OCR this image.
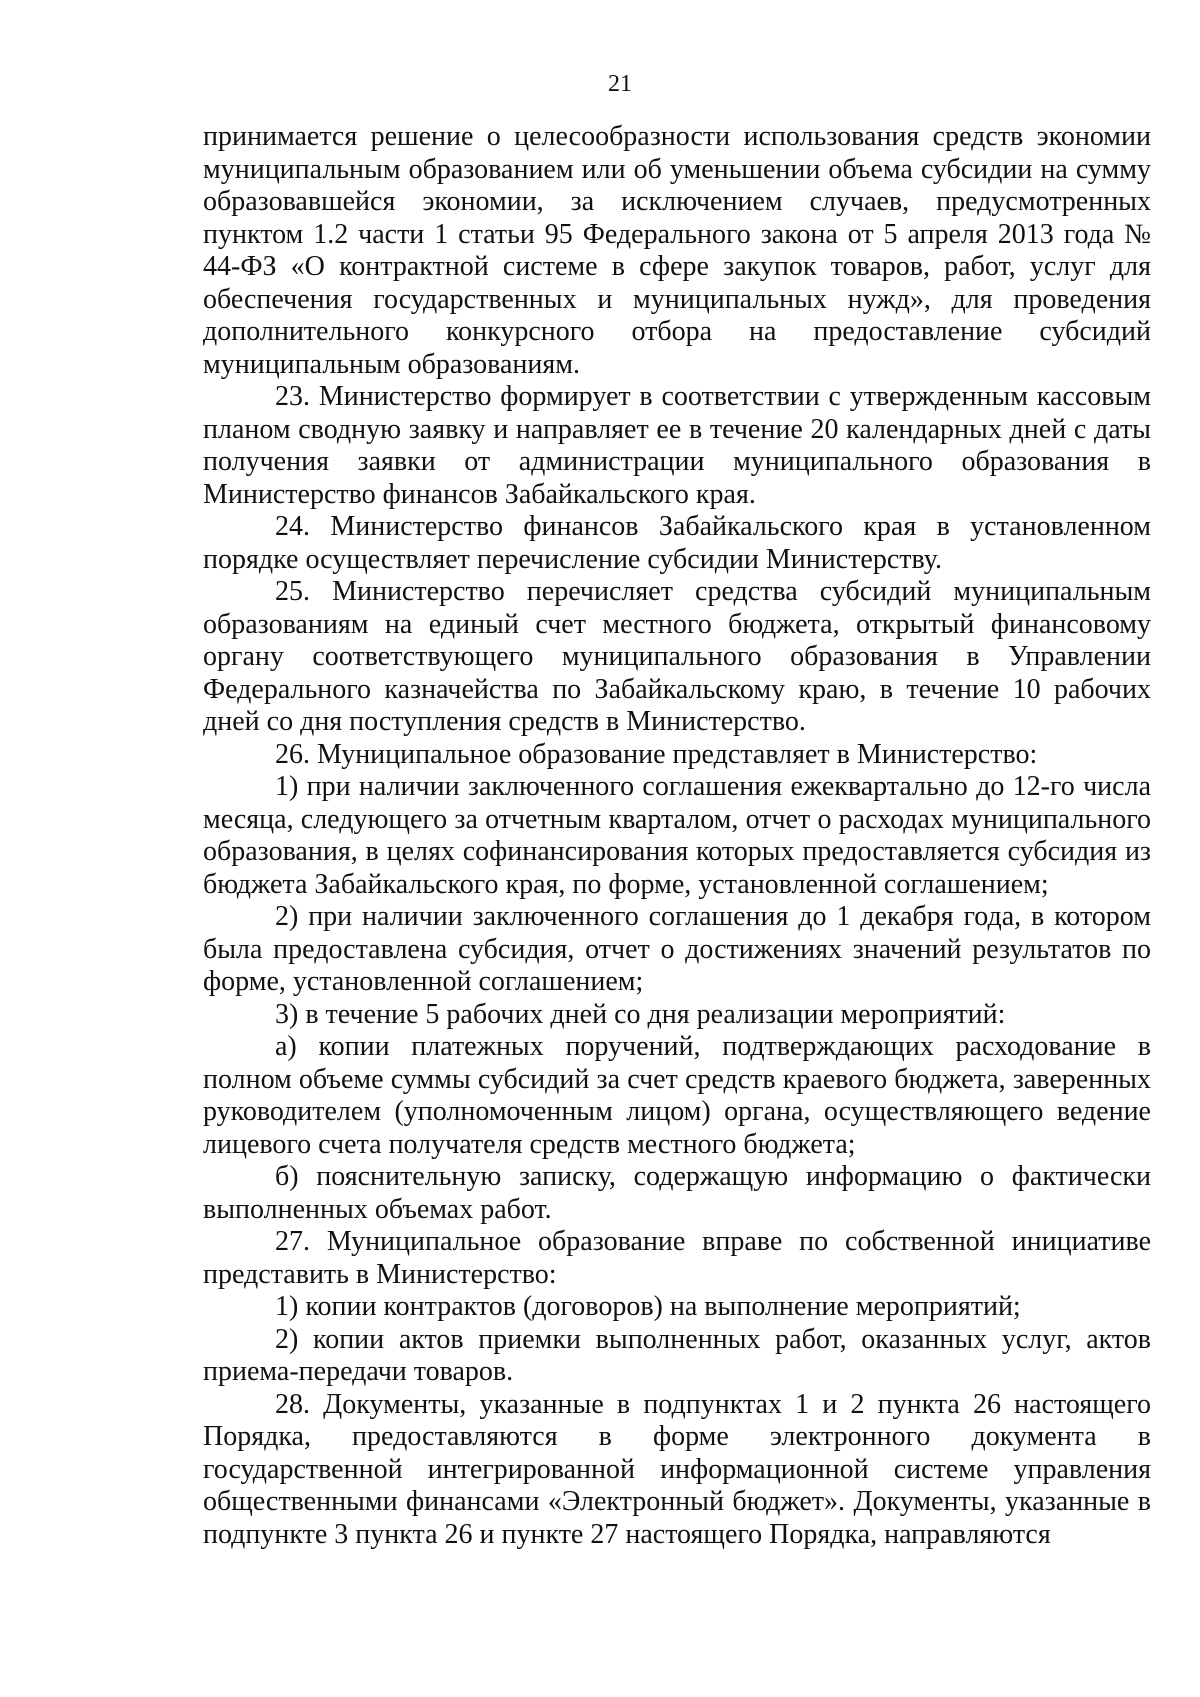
21

принимается решение о целесообразности использования средств экономии муниципальным образованием или об уменьшении объема субсидии на сумму образовавшейся экономии, за исключением случаев, предусмотренных пунктом 1.2 части 1 статьи 95 Федерального закона от 5 апреля 2013 года № 44-ФЗ «О контрактной системе в сфере закупок товаров, работ, услуг для обеспечения государственных и муниципальных нужд», для проведения дополнительного конкурсного отбора на предоставление субсидий муниципальным образованиям.

23. Министерство формирует в соответствии с утвержденным кассовым планом сводную заявку и направляет ее в течение 20 календарных дней с даты получения заявки от администрации муниципального образования в Министерство финансов Забайкальского края.

24. Министерство финансов Забайкальского края в установленном порядке осуществляет перечисление субсидии Министерству.

25. Министерство перечисляет средства субсидий муниципальным образованиям на единый счет местного бюджета, открытый финансовому органу соответствующего муниципального образования в Управлении Федерального казначейства по Забайкальскому краю, в течение 10 рабочих дней со дня поступления средств в Министерство.

26. Муниципальное образование представляет в Министерство:

1) при наличии заключенного соглашения ежеквартально до 12-го числа месяца, следующего за отчетным кварталом, отчет о расходах муниципального образования, в целях софинансирования которых предоставляется субсидия из бюджета Забайкальского края, по форме, установленной соглашением;

2) при наличии заключенного соглашения до 1 декабря года, в котором была предоставлена субсидия, отчет о достижениях значений результатов по форме, установленной соглашением;

3) в течение 5 рабочих дней со дня реализации мероприятий:

а) копии платежных поручений, подтверждающих расходование в полном объеме суммы субсидий за счет средств краевого бюджета, заверенных руководителем (уполномоченным лицом) органа, осуществляющего ведение лицевого счета получателя средств местного бюджета;

б) пояснительную записку, содержащую информацию о фактически выполненных объемах работ.

27. Муниципальное образование вправе по собственной инициативе представить в Министерство:

1) копии контрактов (договоров) на выполнение мероприятий;

2) копии актов приемки выполненных работ, оказанных услуг, актов приема-передачи товаров.

28. Документы, указанные в подпунктах 1 и 2 пункта 26 настоящего Порядка, предоставляются в форме электронного документа в государственной интегрированной информационной системе управления общественными финансами «Электронный бюджет». Документы, указанные в подпункте 3 пункта 26 и пункте 27 настоящего Порядка, направляются
